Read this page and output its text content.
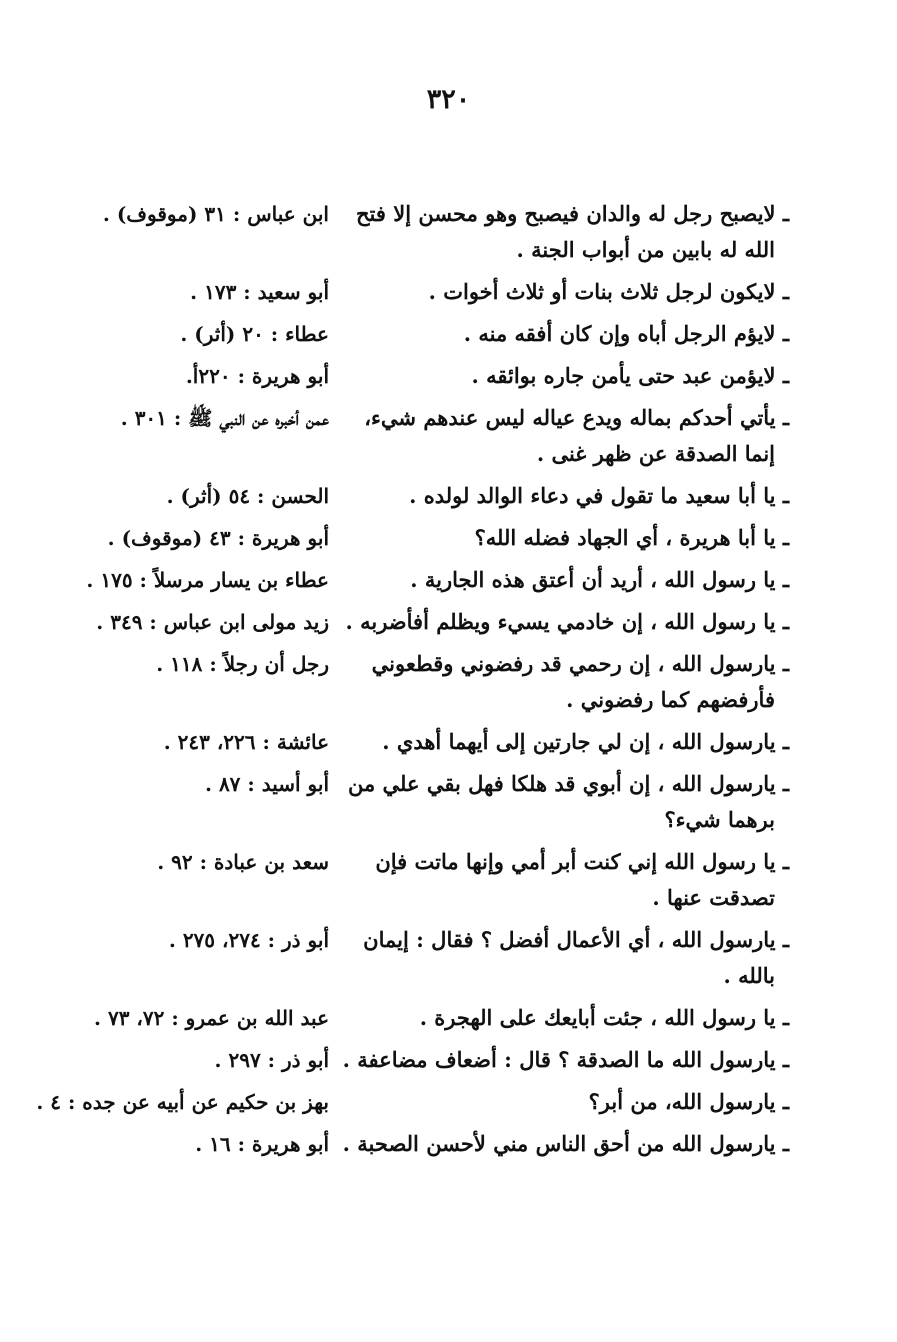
٣٢٠
ـ لايصبح رجل له والدان فيصبح وهو محسن إلا فتح الله له بابين من أبواب الجنة .
ابن عباس : ٣١ (موقوف) .
ـ لايكون لرجل ثلاث بنات أو ثلاث أخوات .
أبو سعيد : ١٧٣ .
ـ لايؤم الرجل أباه وإن كان أفقه منه .
عطاء : ٢٠ (أثر) .
ـ لايؤمن عبد حتى يأمن جاره بوائقه .
أبو هريرة : ٢٢٠أ.
ـ يأتي أحدكم بماله ويدع عياله ليس عندهم شيء، إنما الصدقة عن ظهر غنى .
عمن أخبره عن النبي ﷺ : ٣٠١ .
ـ يا أبا سعيد ما تقول في دعاء الوالد لولده .
الحسن : ٥٤ (أثر) .
ـ يا أبا هريرة ، أي الجهاد فضله الله؟
أبو هريرة : ٤٣ (موقوف) .
ـ يا رسول الله ، أريد أن أعتق هذه الجارية .
عطاء بن يسار مرسلاً : ١٧٥ .
ـ يا رسول الله ، إن خادمي يسيء ويظلم أفأضربه .
زيد مولى ابن عباس : ٣٤٩ .
ـ يارسول الله ، إن رحمي قد رفضوني وقطعوني فأرفضهم كما رفضوني .
رجل أن رجلاً : ١١٨ .
ـ يارسول الله ، إن لي جارتين إلى أيهما أهدي .
عائشة : ٢٢٦، ٢٤٣ .
ـ يارسول الله ، إن أبوي قد هلكا فهل بقي علي من برهما شيء؟
أبو أسيد : ٨٧ .
ـ يا رسول الله إني كنت أبر أمي وإنها ماتت فإن تصدقت عنها .
سعد بن عبادة : ٩٢ .
ـ يارسول الله ، أي الأعمال أفضل ؟ فقال : إيمان بالله .
أبو ذر : ٢٧٤، ٢٧٥ .
ـ يا رسول الله ، جئت أبايعك على الهجرة .
عبد الله بن عمرو : ٧٢، ٧٣ .
ـ يارسول الله ما الصدقة ؟ قال : أضعاف مضاعفة .
أبو ذر : ٢٩٧ .
ـ يارسول الله، من أبر؟
بهز بن حكيم عن أبيه عن جده : ٤ .
ـ يارسول الله من أحق الناس مني لأحسن الصحبة .
أبو هريرة : ١٦ .
